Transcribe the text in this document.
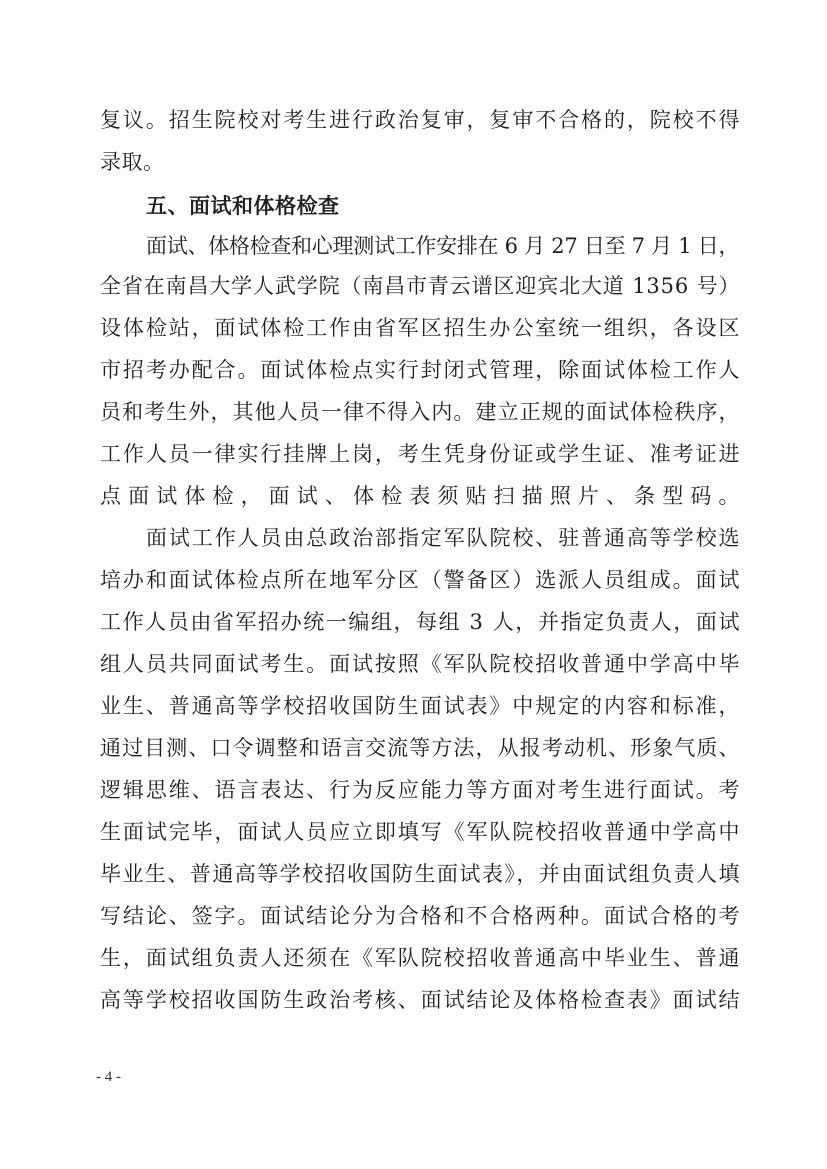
复议。招生院校对考生进行政治复审，复审不合格的，院校不得
录取。
五、面试和体格检查
面试、体格检查和心理测试工作安排在 6 月 27 日至 7 月 1 日，
全省在南昌大学人武学院（南昌市青云谱区迎宾北大道 1356 号）
设体检站，面试体检工作由省军区招生办公室统一组织，各设区
市招考办配合。面试体检点实行封闭式管理，除面试体检工作人
员和考生外，其他人员一律不得入内。建立正规的面试体检秩序，
工作人员一律实行挂牌上岗，考生凭身份证或学生证、准考证进
点面试体检，面试、体检表须贴扫描照片、条型码。
面试工作人员由总政治部指定军队院校、驻普通高等学校选
培办和面试体检点所在地军分区（警备区）选派人员组成。面试
工作人员由省军招办统一编组，每组 3 人，并指定负责人，面试
组人员共同面试考生。面试按照《军队院校招收普通中学高中毕
业生、普通高等学校招收国防生面试表》中规定的内容和标准，
通过目测、口令调整和语言交流等方法，从报考动机、形象气质、
逻辑思维、语言表达、行为反应能力等方面对考生进行面试。考
生面试完毕，面试人员应立即填写《军队院校招收普通中学高中
毕业生、普通高等学校招收国防生面试表》，并由面试组负责人填
写结论、签字。面试结论分为合格和不合格两种。面试合格的考
生，面试组负责人还须在《军队院校招收普通高中毕业生、普通
高等学校招收国防生政治考核、面试结论及体格检查表》面试结
- 4 -
